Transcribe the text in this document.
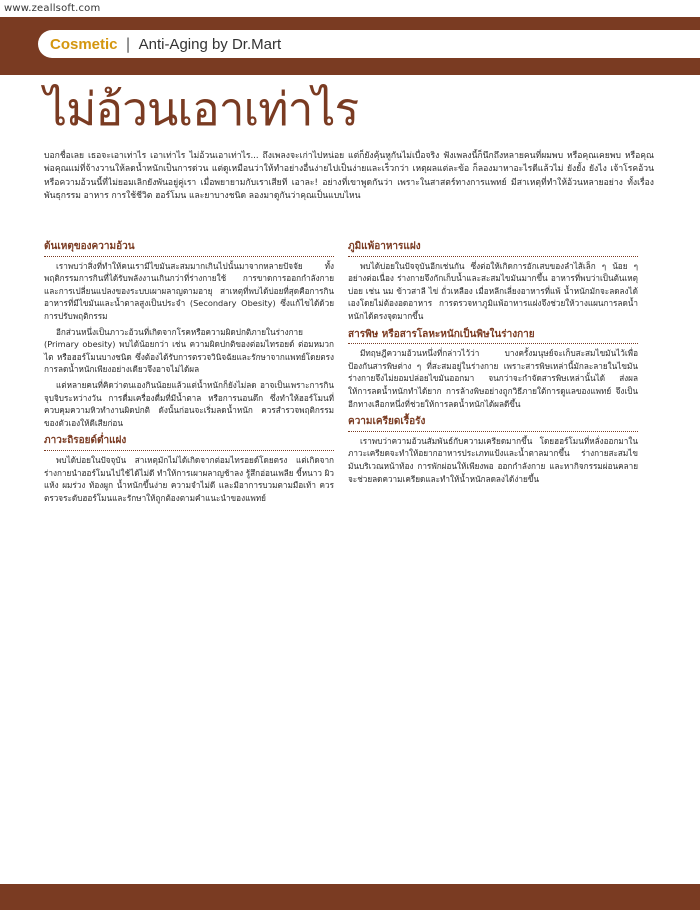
www.zeallsoft.com
Cosmetic | Anti-Aging by Dr.Mart
ไม่อ้วนเอาเท่าไร

บอกชื่อเลย เธอจะเอาเท่าไร เอาเท่าไร ไม่อ้วนเอาเท่าไร... ถึงเพลงจะเก่าไปหน่อย แต่ก็ยังคุ้นหูกันไม่เบื่อจริง ฟังเพลงนี้ก็นึกถึงหลายคนที่ผมพบ หรือคุณเคยพบ หรือคุณพ่อคุณแม่ที่จ้างวานให้ลดน้ำหนักเป็นการด่วน แต่ดูเหมือนว่าให้ทำอย่างอื่นง่ายไปเป็นง่ายและเร็วกว่า เหตุผลแต่ละข้อ ก็ลองมาหาอะไรดีแล้วไม่ ยังยั้ง ยังไง เจ้าโรคอ้วนหรือความอ้วนนี้ที่ไม่ยอมเลิกยังพันอยู่คู่เรา เมื่อพยายามกับเราเสียที เอาละ! อย่างที่เขาพูดกันว่า เพราะในสาสตร์ทางการแพทย์ มีสาเหตุที่ทำให้อ้วนหลายอย่าง ทั้งเรื่องพันธุกรรม อาหาร การใช้ชีวิต ฮอร์โมน และยาบางชนิด ลองมาดูกันว่าคุณเป็นแบบไหน

ต้นเหตุของความอ้วน

เราพบว่าสิ่งที่ทำให้คนเรามีไขมันสะสมมากเกินไปนั้นมาจากหลายปัจจัย ทั้งพฤติกรรมการกินที่ได้รับพลังงานเกินกว่าที่ร่างกายใช้ การขาดการออกกำลังกาย และการเปลี่ยนแปลงของระบบเผาผลาญตามอายุ สาเหตุที่พบได้บ่อยที่สุดคือการกินอาหารที่มีไขมันและน้ำตาลสูงเป็นประจำ (Secondary Obesity) ซึ่งแก้ไขได้ด้วยการปรับพฤติกรรม

อีกส่วนหนึ่งเป็นภาวะอ้วนที่เกิดจากโรคหรือความผิดปกติภายในร่างกาย (Primary obesity) พบได้น้อยกว่า เช่น ความผิดปกติของต่อมไทรอยด์ ต่อมหมวกไต หรือฮอร์โมนบางชนิด ซึ่งต้องได้รับการตรวจวินิจฉัยและรักษาจากแพทย์โดยตรง การลดน้ำหนักเพียงอย่างเดียวจึงอาจไม่ได้ผล

แต่หลายคนที่คิดว่าตนเองกินน้อยแล้วแต่น้ำหนักก็ยังไม่ลด อาจเป็นเพราะการกินจุบจิบระหว่างวัน การดื่มเครื่องดื่มที่มีน้ำตาล หรือการนอนดึก ซึ่งทำให้ฮอร์โมนที่ควบคุมความหิวทำงานผิดปกติ ดังนั้นก่อนจะเริ่มลดน้ำหนัก ควรสำรวจพฤติกรรมของตัวเองให้ดีเสียก่อน

ภาวะถิรอยด์ต่ำแฝง

พบได้บ่อยในปัจจุบัน สาเหตุมักไม่ได้เกิดจากต่อมไทรอยด์โดยตรง แต่เกิดจากร่างกายนำฮอร์โมนไปใช้ได้ไม่ดี ทำให้การเผาผลาญช้าลง รู้สึกอ่อนเพลีย ขี้หนาว ผิวแห้ง ผมร่วง ท้องผูก น้ำหนักขึ้นง่าย ความจำไม่ดี และมีอาการบวมตามมือเท้า ควรตรวจระดับฮอร์โมนและรักษาให้ถูกต้องตามคำแนะนำของแพทย์

ภูมิแพ้อาหารแฝง

พบได้บ่อยในปัจจุบันอีกเช่นกัน ซึ่งต่อให้เกิดการอักเสบของลำไส้เล็ก ๆ น้อย ๆ อย่างต่อเนื่อง ร่างกายจึงกักเก็บน้ำและสะสมไขมันมากขึ้น อาหารที่พบว่าเป็นต้นเหตุบ่อย เช่น นม ข้าวสาลี ไข่ ถั่วเหลือง เมื่อหลีกเลี่ยงอาหารที่แพ้ น้ำหนักมักจะลดลงได้เองโดยไม่ต้องอดอาหาร การตรวจหาภูมิแพ้อาหารแฝงจึงช่วยให้วางแผนการลดน้ำหนักได้ตรงจุดมากขึ้น

สารพิษ หรือสารโลหะหนักเป็นพิษในร่างกาย

มีทฤษฎีความอ้วนหนึ่งที่กล่าวไว้ว่า บางครั้งมนุษย์จะเก็บสะสมไขมันไว้เพื่อป้องกันสารพิษต่าง ๆ ที่สะสมอยู่ในร่างกาย เพราะสารพิษเหล่านี้มักละลายในไขมัน ร่างกายจึงไม่ยอมปล่อยไขมันออกมา จนกว่าจะกำจัดสารพิษเหล่านั้นได้ ส่งผลให้การลดน้ำหนักทำได้ยาก การล้างพิษอย่างถูกวิธีภายใต้การดูแลของแพทย์ จึงเป็นอีกทางเลือกหนึ่งที่ช่วยให้การลดน้ำหนักได้ผลดีขึ้น

ความเครียดเรื้อรัง

เราพบว่าความอ้วนสัมพันธ์กับความเครียดมากขึ้น โดยฮอร์โมนที่หลั่งออกมาในภาวะเครียดจะทำให้อยากอาหารประเภทแป้งและน้ำตาลมากขึ้น ร่างกายสะสมไขมันบริเวณหน้าท้อง การพักผ่อนให้เพียงพอ ออกกำลังกาย และหากิจกรรมผ่อนคลาย จะช่วยลดความเครียดและทำให้น้ำหนักลดลงได้ง่ายขึ้น
